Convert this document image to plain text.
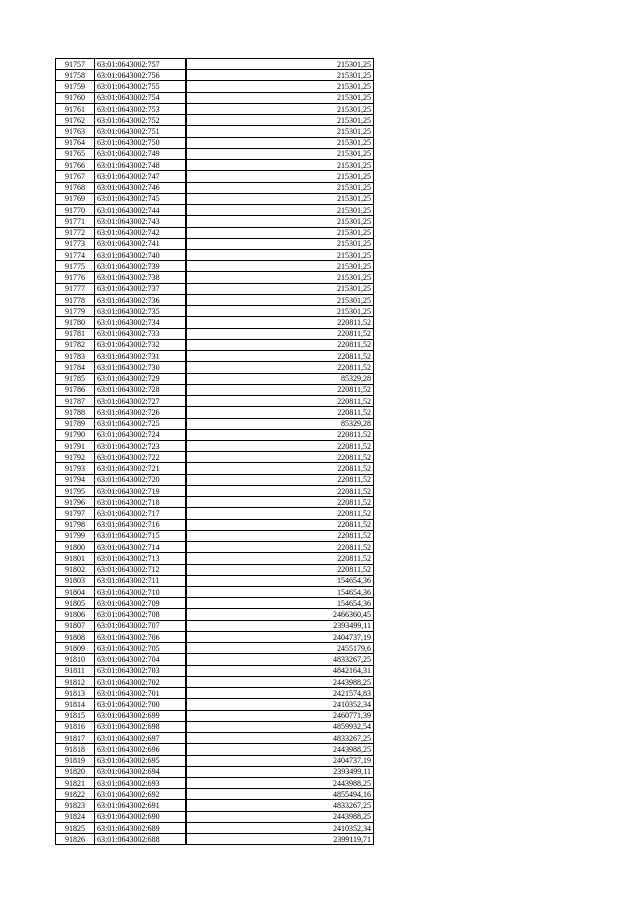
91757	63:01:0643002:757	215301,25
91758	63:01:0643002:756	215301,25
91759	63:01:0643002:755	215301,25
91760	63:01:0643002:754	215301,25
91761	63:01:0643002:753	215301,25
91762	63:01:0643002:752	215301,25
91763	63:01:0643002:751	215301,25
91764	63:01:0643002:750	215301,25
91765	63:01:0643002:749	215301,25
91766	63:01:0643002:748	215301,25
91767	63:01:0643002:747	215301,25
91768	63:01:0643002:746	215301,25
91769	63:01:0643002:745	215301,25
91770	63:01:0643002:744	215301,25
91771	63:01:0643002:743	215301,25
91772	63:01:0643002:742	215301,25
91773	63:01:0643002:741	215301,25
91774	63:01:0643002:740	215301,25
91775	63:01:0643002:739	215301,25
91776	63:01:0643002:738	215301,25
91777	63:01:0643002:737	215301,25
91778	63:01:0643002:736	215301,25
91779	63:01:0643002:735	215301,25
91780	63:01:0643002:734	220811,52
91781	63:01:0643002:733	220811,52
91782	63:01:0643002:732	220811,52
91783	63:01:0643002:731	220811,52
91784	63:01:0643002:730	220811,52
91785	63:01:0643002:729	85329,28
91786	63:01:0643002:728	220811,52
91787	63:01:0643002:727	220811,52
91788	63:01:0643002:726	220811,52
91789	63:01:0643002:725	85329,28
91790	63:01:0643002:724	220811,52
91791	63:01:0643002:723	220811,52
91792	63:01:0643002:722	220811,52
91793	63:01:0643002:721	220811,52
91794	63:01:0643002:720	220811,52
91795	63:01:0643002:719	220811,52
91796	63:01:0643002:718	220811,52
91797	63:01:0643002:717	220811,52
91798	63:01:0643002:716	220811,52
91799	63:01:0643002:715	220811,52
91800	63:01:0643002:714	220811,52
91801	63:01:0643002:713	220811,52
91802	63:01:0643002:712	220811,52
91803	63:01:0643002:711	154654,36
91804	63:01:0643002:710	154654,36
91805	63:01:0643002:709	154654,36
91806	63:01:0643002:708	2466360,45
91807	63:01:0643002:707	2393499,11
91808	63:01:0643002:706	2404737,19
91809	63:01:0643002:705	2455179,6
91810	63:01:0643002:704	4833267,25
91811	63:01:0643002:703	4842164,31
91812	63:01:0643002:702	2443988,25
91813	63:01:0643002:701	2421574,83
91814	63:01:0643002:700	2410352,34
91815	63:01:0643002:699	2460771,39
91816	63:01:0643002:698	4859932,54
91817	63:01:0643002:697	4833267,25
91818	63:01:0643002:696	2443988,25
91819	63:01:0643002:695	2404737,19
91820	63:01:0643002:694	2393499,11
91821	63:01:0643002:693	2443988,25
91822	63:01:0643002:692	4855494,16
91823	63:01:0643002:691	4833267,25
91824	63:01:0643002:690	2443988,25
91825	63:01:0643002:689	2410352,34
91826	63:01:0643002:688	2399119,71
